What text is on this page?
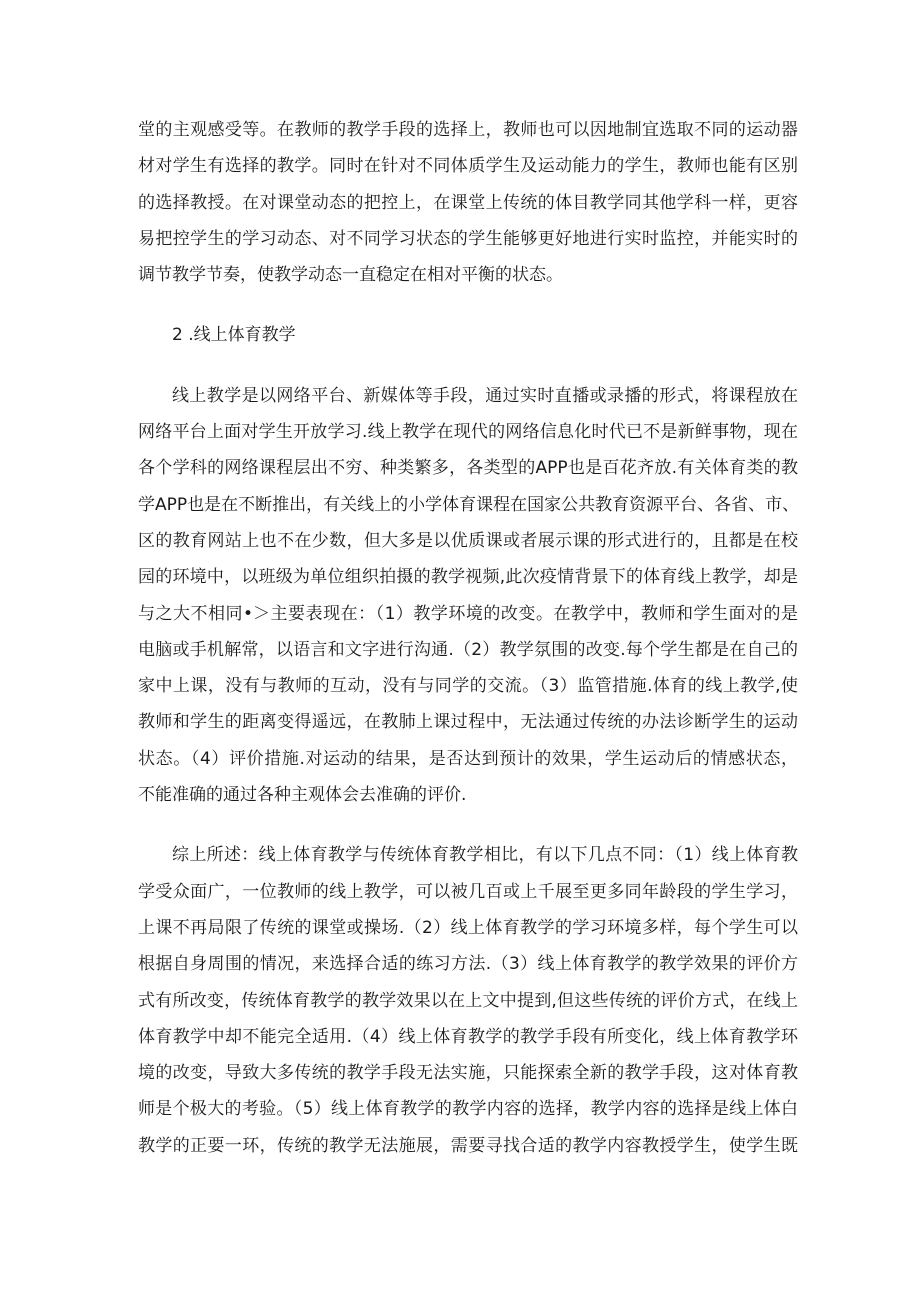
堂的主观感受等。在教师的教学手段的选择上，教师也可以因地制宜选取不同的运动器
材对学生有选择的教学。同时在针对不同体质学生及运动能力的学生，教师也能有区别
的选择教授。在对课堂动态的把控上，在课堂上传统的体目教学同其他学科一样，更容
易把控学生的学习动态、对不同学习状态的学生能够更好地进行实时监控，并能实时的
调节教学节奏，使教学动态一直稳定在相对平衡的状态。
2 .线上体育教学
线上教学是以网络平台、新媒体等手段，通过实时直播或录播的形式，将课程放在
网络平台上面对学生开放学习.线上教学在现代的网络信息化时代已不是新鲜事物，现在
各个学科的网络课程层出不穷、种类繁多，各类型的APP也是百花齐放.有关体育类的教
学APP也是在不断推出，有关线上的小学体育课程在国家公共教育资源平台、各省、市、
区的教育网站上也不在少数，但大多是以优质课或者展示课的形式进行的，且都是在校
园的环境中，以班级为单位组织拍摄的教学视频,此次疫情背景下的体育线上教学，却是
与之大不相同•＞主要表现在：（1）教学环境的改变。在教学中，教师和学生面对的是
电脑或手机解常，以语言和文字进行沟通.（2）教学氛围的改变.每个学生都是在自己的
家中上课，没有与教师的互动，没有与同学的交流。（3）监管措施.体育的线上教学,使
教师和学生的距离变得遥远，在教肺上课过程中，无法通过传统的办法诊断学生的运动
状态。（4）评价措施.对运动的结果，是否达到预计的效果，学生运动后的情感状态，
不能准确的通过各种主观体会去准确的评价.
综上所述：线上体育教学与传统体育教学相比，有以下几点不同：（1）线上体育教
学受众面广，一位教师的线上教学，可以被几百或上千展至更多同年龄段的学生学习，
上课不再局限了传统的课堂或操场.（2）线上体育教学的学习环境多样，每个学生可以
根据自身周围的情况，来选择合适的练习方法.（3）线上体育教学的教学效果的评价方
式有所改变，传统体育教学的教学效果以在上文中提到,但这些传统的评价方式，在线上
体育教学中却不能完全适用.（4）线上体育教学的教学手段有所变化，线上体育教学环
境的改变，导致大多传统的教学手段无法实施，只能探索全新的教学手段，这对体育教
师是个极大的考验。（5）线上体育教学的教学内容的选择，教学内容的选择是线上体白
教学的正要一环，传统的教学无法施展，需要寻找合适的教学内容教授学生，使学生既
